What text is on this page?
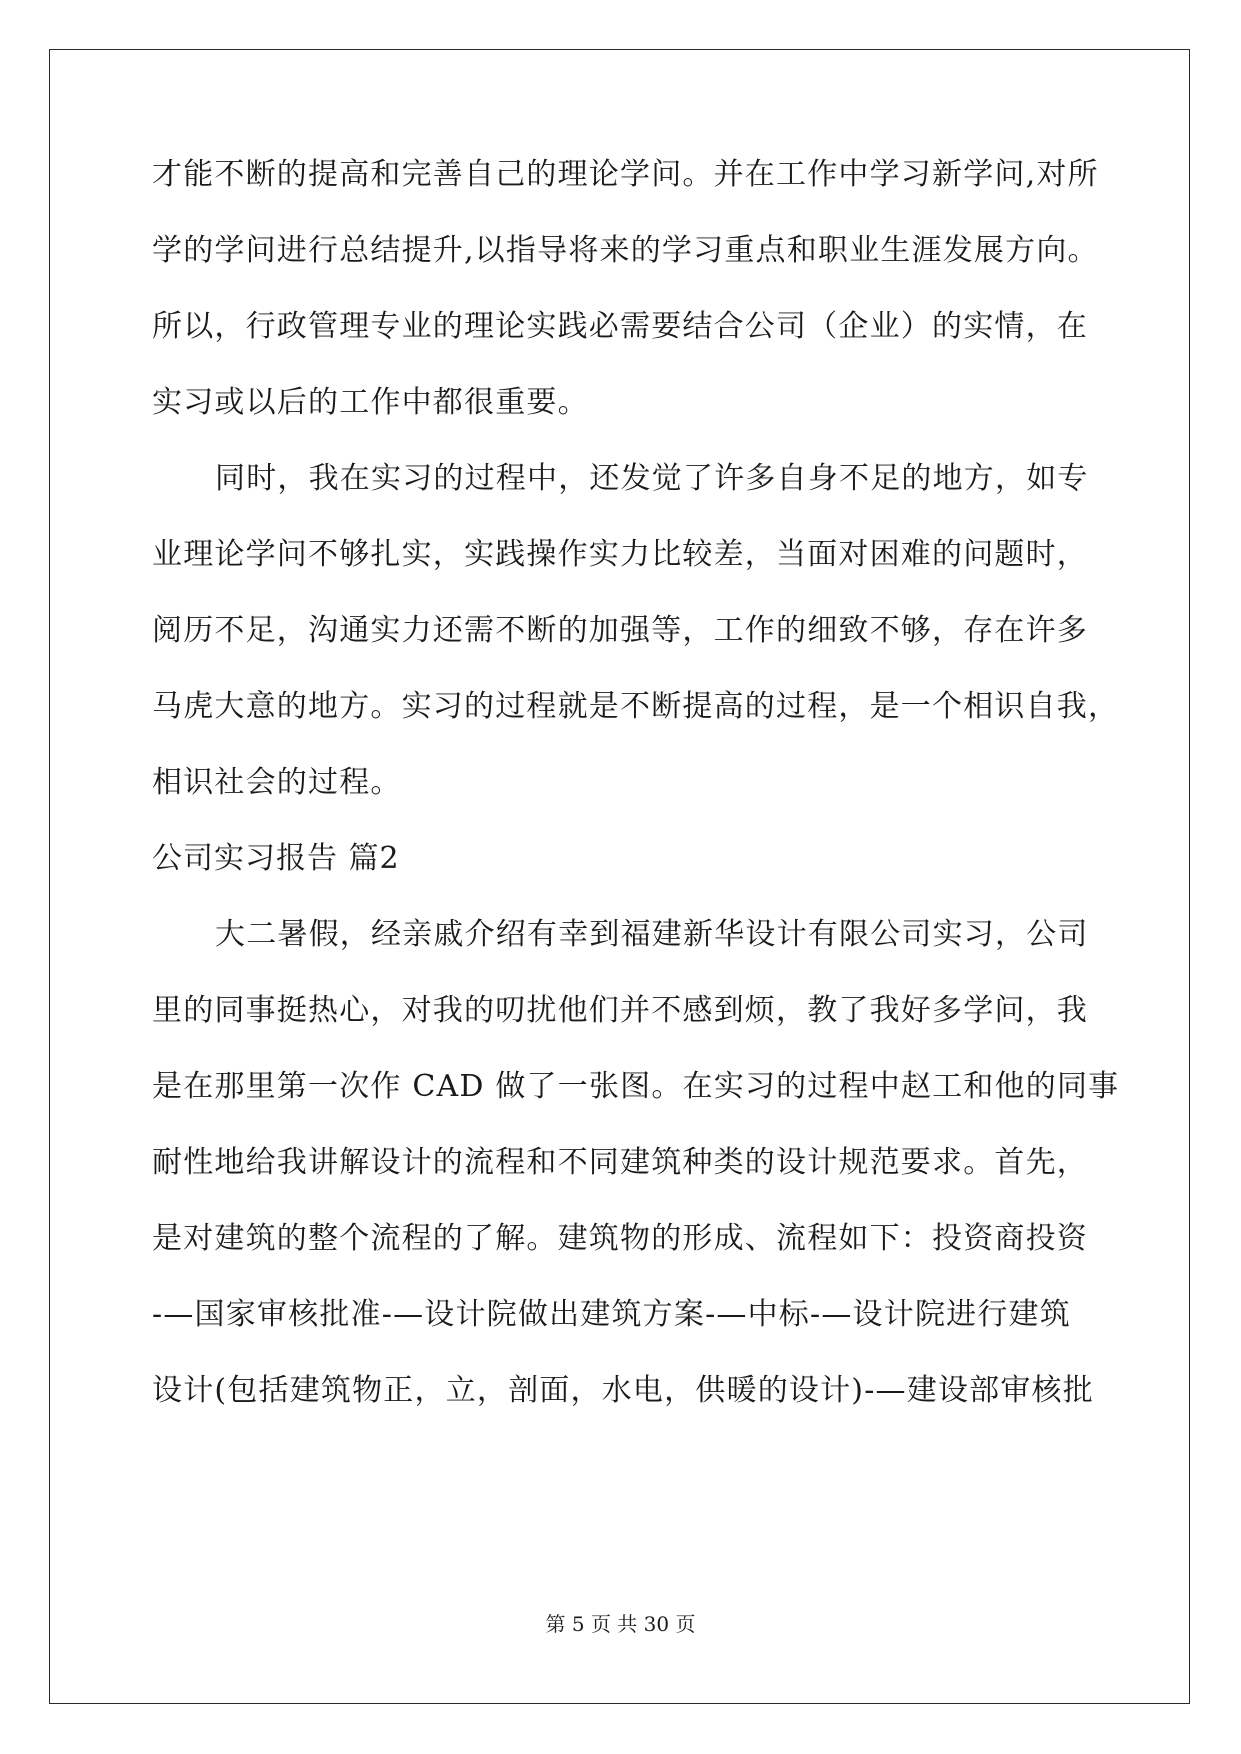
才能不断的提高和完善自己的理论学问。并在工作中学习新学问,对所
学的学问进行总结提升,以指导将来的学习重点和职业生涯发展方向。
所以，行政管理专业的理论实践必需要结合公司（企业）的实情，在
实习或以后的工作中都很重要。
同时，我在实习的过程中，还发觉了许多自身不足的地方，如专
业理论学问不够扎实，实践操作实力比较差，当面对困难的问题时，
阅历不足，沟通实力还需不断的加强等，工作的细致不够，存在许多
马虎大意的地方。实习的过程就是不断提高的过程，是一个相识自我，
相识社会的过程。
公司实习报告 篇2
大二暑假，经亲戚介绍有幸到福建新华设计有限公司实习，公司
里的同事挺热心，对我的叨扰他们并不感到烦，教了我好多学问，我
是在那里第一次作 CAD 做了一张图。在实习的过程中赵工和他的同事
耐性地给我讲解设计的流程和不同建筑种类的设计规范要求。首先，
是对建筑的整个流程的了解。建筑物的形成、流程如下：投资商投资
-—国家审核批准-—设计院做出建筑方案-—中标-—设计院进行建筑
设计(包括建筑物正，立，剖面，水电，供暖的设计)-—建设部审核批
第 5 页 共 30 页
